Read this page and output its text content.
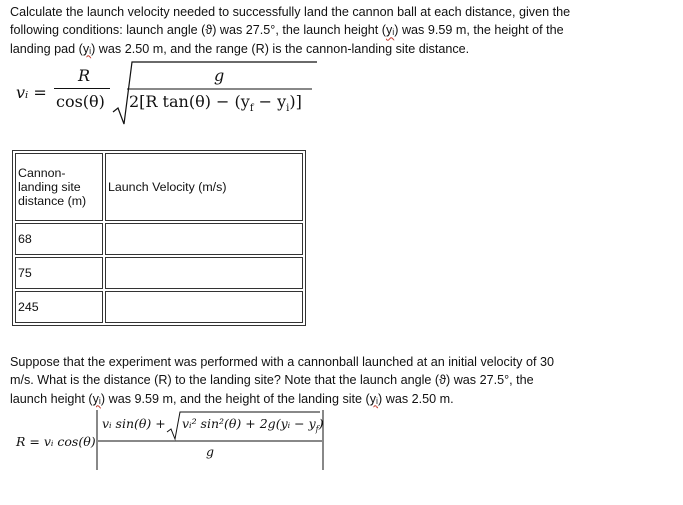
Calculate the launch velocity needed to successfully land the cannon ball at each distance, given the
following conditions: launch angle (ϑ) was 27.5°, the launch height (yᵢ) was 9.59 m, the height of the
landing pad (yᵢ) was 2.50 m, and the range (R) is the cannon-landing site distance.
vᵢ =
R
cos(θ)
g
2[R $\tan(\theta) - (y_f - y_i)$]
Cannon-
landing site
distance (m)	Launch Velocity (m/s)
68	
75	
245	
Suppose that the experiment was performed with a cannonball launched at an initial velocity of 30
m/s. What is the distance (R) to the landing site? Note that the launch angle (ϑ) was 27.5°, the
launch height (yᵢ) was 9.59 m, and the height of the landing site (yᵢ) was 2.50 m.
R = vᵢ cos(θ)
vᵢ sin(θ) + vᵢ² sin²(θ) + 2g(yᵢ − $y_f$)
g
